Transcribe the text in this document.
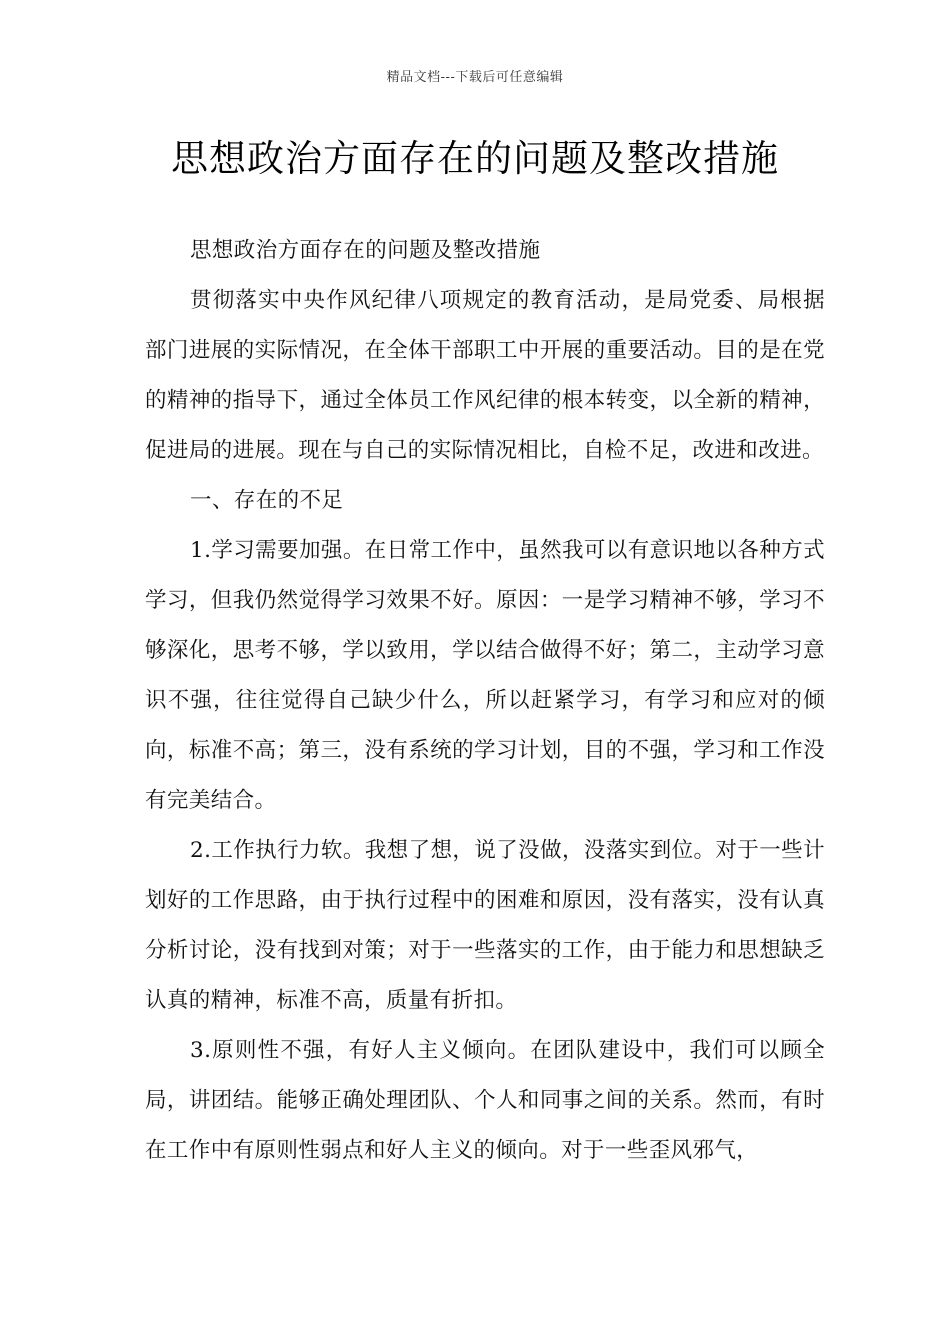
精品文档---下载后可任意编辑
思想政治方面存在的问题及整改措施

思想政治方面存在的问题及整改措施

贯彻落实中央作风纪律八项规定的教育活动，是局党委、局根据部门进展的实际情况，在全体干部职工中开展的重要活动。目的是在党的精神的指导下，通过全体员工作风纪律的根本转变，以全新的精神，促进局的进展。现在与自己的实际情况相比，自检不足，改进和改进。

一、存在的不足

1.学习需要加强。在日常工作中，虽然我可以有意识地以各种方式学习，但我仍然觉得学习效果不好。原因：一是学习精神不够，学习不够深化，思考不够，学以致用，学以结合做得不好；第二，主动学习意识不强，往往觉得自己缺少什么，所以赶紧学习，有学习和应对的倾向，标准不高；第三，没有系统的学习计划，目的不强，学习和工作没有完美结合。

2.工作执行力软。我想了想，说了没做，没落实到位。对于一些计划好的工作思路，由于执行过程中的困难和原因，没有落实，没有认真分析讨论，没有找到对策；对于一些落实的工作，由于能力和思想缺乏认真的精神，标准不高，质量有折扣。

3.原则性不强，有好人主义倾向。在团队建设中，我们可以顾全局，讲团结。能够正确处理团队、个人和同事之间的关系。然而，有时在工作中有原则性弱点和好人主义的倾向。对于一些歪风邪气，
